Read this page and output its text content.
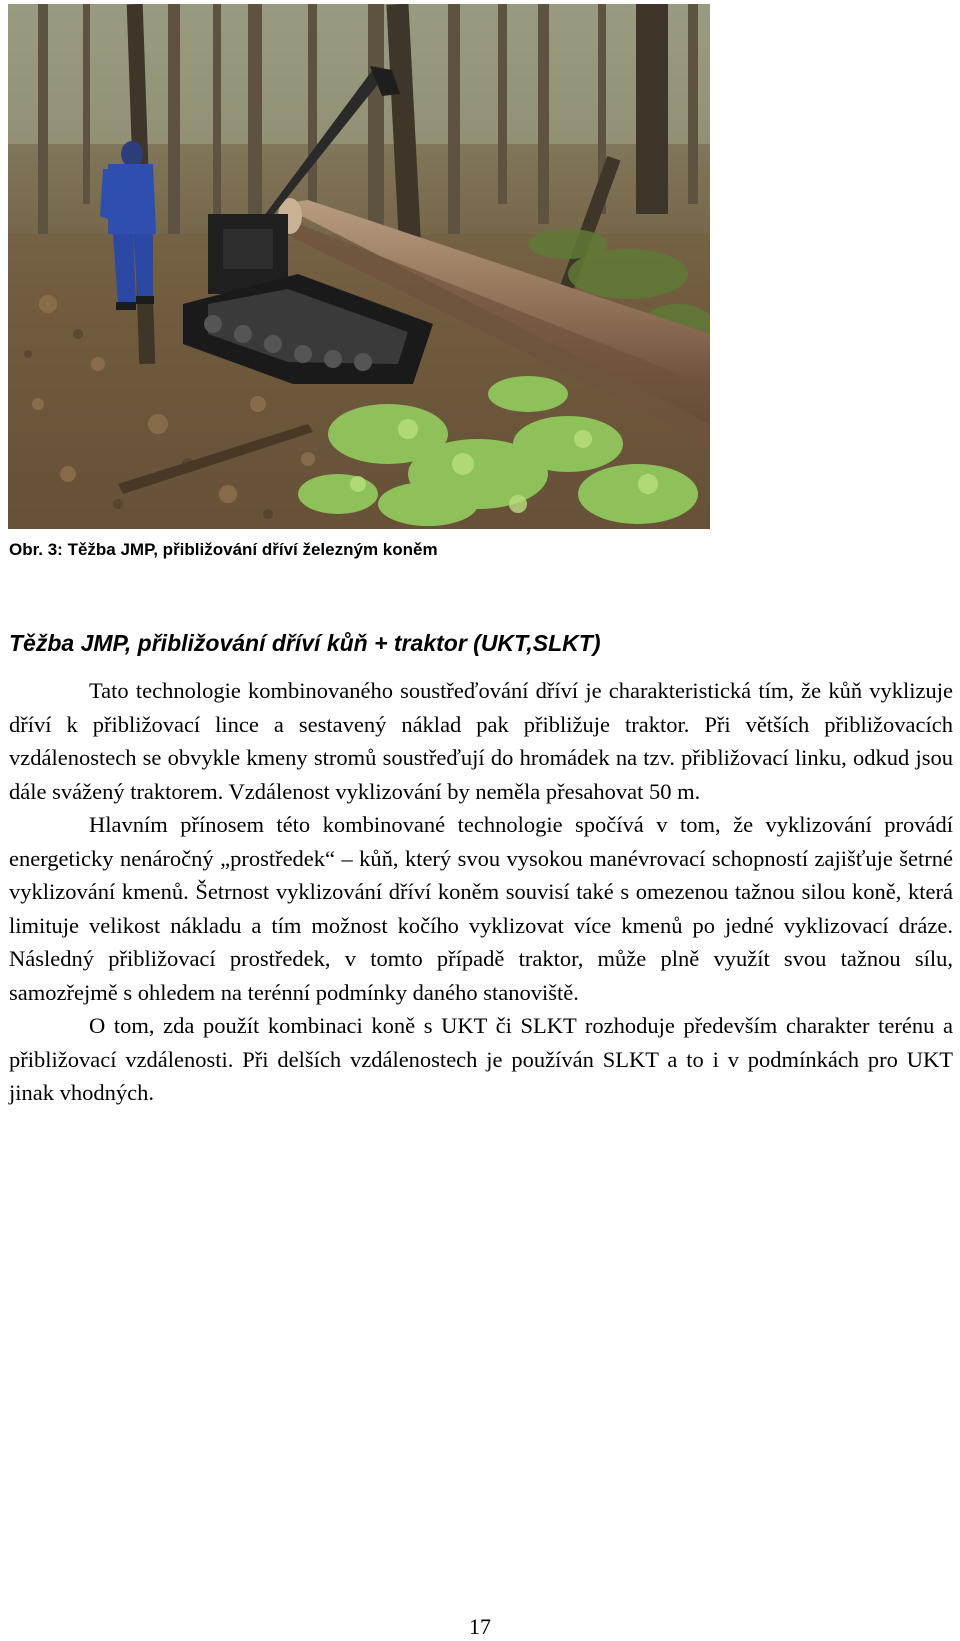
Obr. 3: Těžba JMP, přibližování dříví železným koněm
Těžba JMP, přibližování dříví kůň + traktor (UKT,SLKT)

Tato technologie kombinovaného soustřeďování dříví je charakteristická tím, že kůň vyklizuje dříví k přibližovací lince a sestavený náklad pak přibližuje traktor. Při větších přibližovacích vzdálenostech se obvykle kmeny stromů soustřeďují do hromádek na tzv. přibližovací linku, odkud jsou dále svážený traktorem. Vzdálenost vyklizování by neměla přesahovat 50 m.

Hlavním přínosem této kombinované technologie spočívá v tom, že vyklizování provádí energeticky nenáročný „prostředek“ – kůň, který svou vysokou manévrovací schopností zajišťuje šetrné vyklizování kmenů. Šetrnost vyklizování dříví koněm souvisí také s omezenou tažnou silou koně, která limituje velikost nákladu a tím možnost kočího vyklizovat více kmenů po jedné vyklizovací dráze. Následný přibližovací prostředek, v tomto případě traktor, může plně využít svou tažnou sílu, samozřejmě s ohledem na terénní podmínky daného stanoviště.

O tom, zda použít kombinaci koně s UKT či SLKT rozhoduje především charakter terénu a přibližovací vzdálenosti. Při delších vzdálenostech je používán SLKT a to i v podmínkách pro UKT jinak vhodných.

17
